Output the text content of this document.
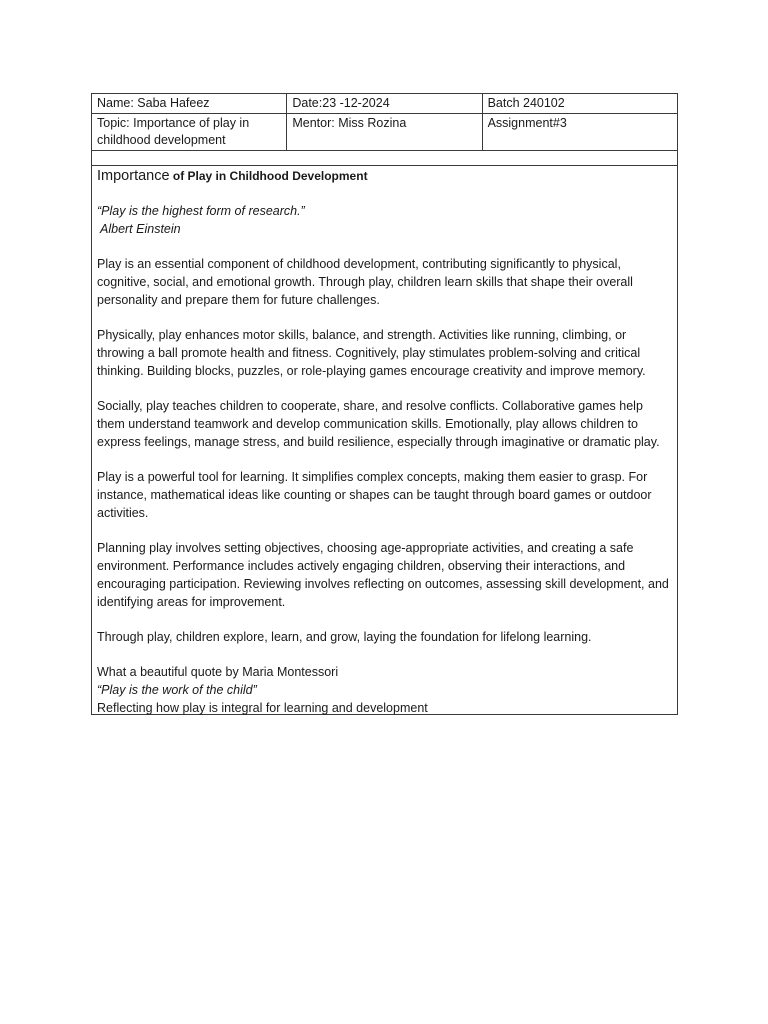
Name: Saba Hafeez	Date:23 -12-2024	Batch 240102
Topic: Importance of play in childhood development	Mentor: Miss Rozina	Assignment#3

Importance of Play in Childhood Development

“Play is the highest form of research.”

Albert Einstein

Play is an essential component of childhood development, contributing significantly to physical, cognitive, social, and emotional growth. Through play, children learn skills that shape their overall personality and prepare them for future challenges.

Physically, play enhances motor skills, balance, and strength. Activities like running, climbing, or throwing a ball promote health and fitness. Cognitively, play stimulates problem-solving and critical thinking. Building blocks, puzzles, or role-playing games encourage creativity and improve memory.

Socially, play teaches children to cooperate, share, and resolve conflicts. Collaborative games help them understand teamwork and develop communication skills. Emotionally, play allows children to express feelings, manage stress, and build resilience, especially through imaginative or dramatic play.

Play is a powerful tool for learning. It simplifies complex concepts, making them easier to grasp. For instance, mathematical ideas like counting or shapes can be taught through board games or outdoor activities.

Planning play involves setting objectives, choosing age-appropriate activities, and creating a safe environment. Performance includes actively engaging children, observing their interactions, and encouraging participation. Reviewing involves reflecting on outcomes, assessing skill development, and identifying areas for improvement.

Through play, children explore, learn, and grow, laying the foundation for lifelong learning.

What a beautiful quote by Maria Montessori

“Play is the work of the child”

Reflecting how play is integral for learning and development
